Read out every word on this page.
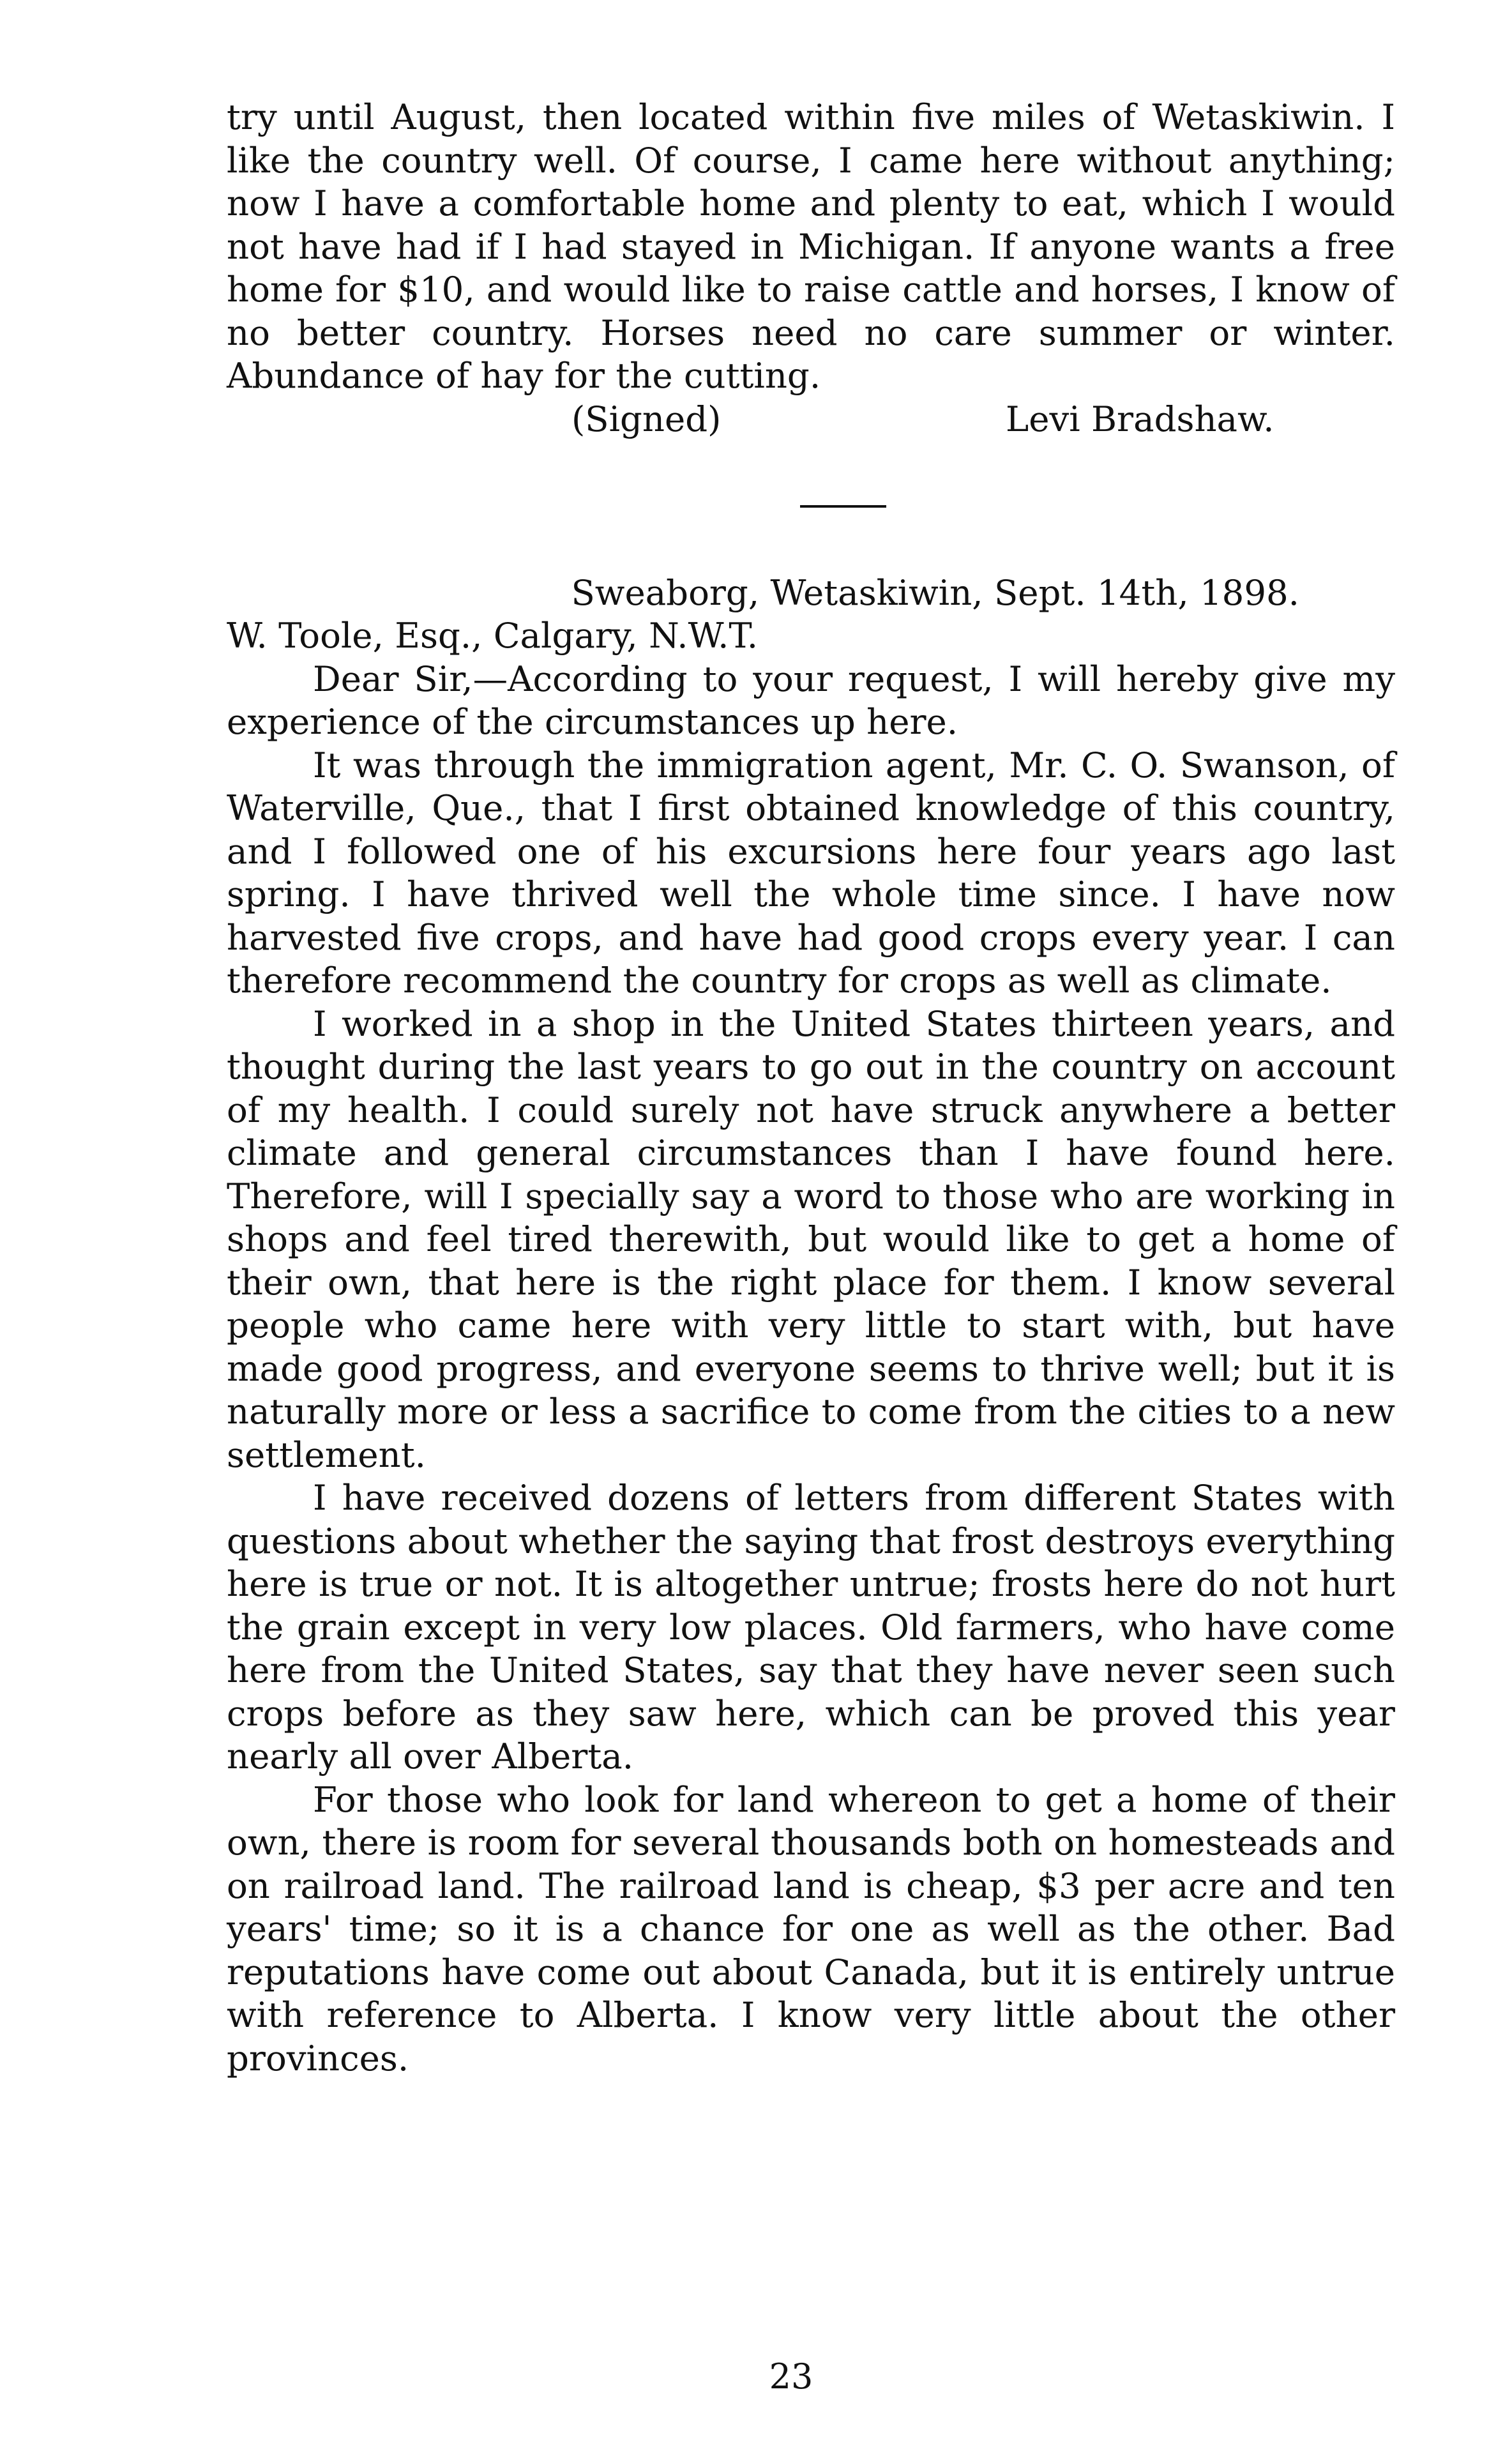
try until August, then located within five miles of Wetaskiwin. I like the country well. Of course, I came here without anything; now I have a comfortable home and plenty to eat, which I would not have had if I had stayed in Michigan. If anyone wants a free home for $10, and would like to raise cattle and horses, I know of no better country. Horses need no care summer or winter. Abundance of hay for the cutting.

(Signed)	Levi Bradshaw.
Sweaborg, Wetaskiwin, Sept. 14th, 1898.
W. Toole, Esq., Calgary, N.W.T.

Dear Sir,—According to your request, I will hereby give my experience of the circumstances up here.

It was through the immigration agent, Mr. C. O. Swanson, of Waterville, Que., that I first obtained knowledge of this country, and I followed one of his excursions here four years ago last spring. I have thrived well the whole time since. I have now harvested five crops, and have had good crops every year. I can therefore recommend the country for crops as well as climate.

I worked in a shop in the United States thirteen years, and thought during the last years to go out in the country on account of my health. I could surely not have struck anywhere a better climate and general circumstances than I have found here. Therefore, will I specially say a word to those who are working in shops and feel tired therewith, but would like to get a home of their own, that here is the right place for them. I know several people who came here with very little to start with, but have made good progress, and everyone seems to thrive well; but it is naturally more or less a sacrifice to come from the cities to a new settlement.

I have received dozens of letters from different States with questions about whether the saying that frost destroys everything here is true or not. It is altogether untrue; frosts here do not hurt the grain except in very low places. Old farmers, who have come here from the United States, say that they have never seen such crops before as they saw here, which can be proved this year nearly all over Alberta.

For those who look for land whereon to get a home of their own, there is room for several thousands both on homesteads and on railroad land. The railroad land is cheap, $3 per acre and ten years' time; so it is a chance for one as well as the other. Bad reputations have come out about Canada, but it is entirely untrue with reference to Alberta. I know very little about the other provinces.

23
